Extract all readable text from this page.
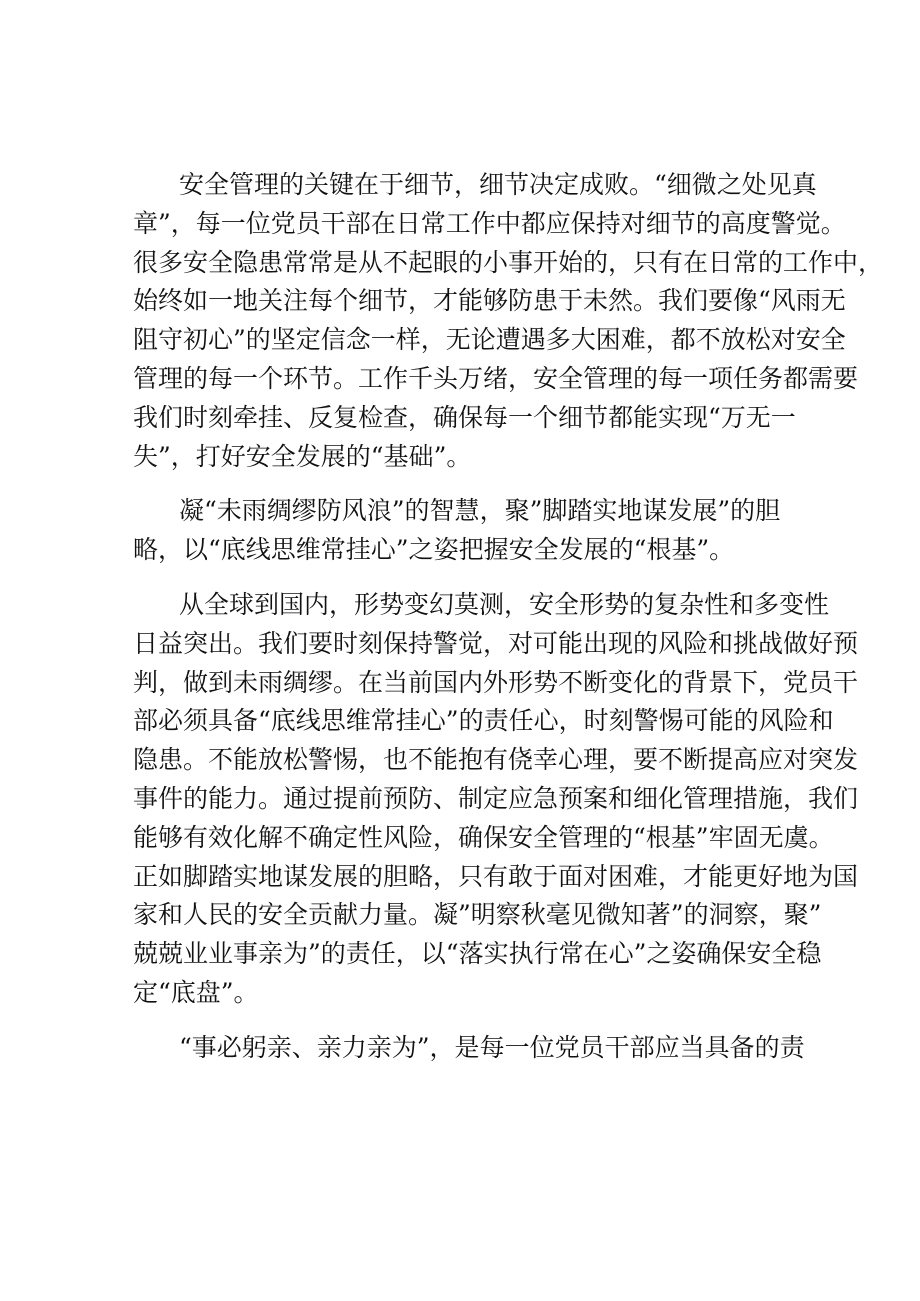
安全管理的关键在于细节，细节决定成败。“细微之处见真
章”，每一位党员干部在日常工作中都应保持对细节的高度警觉。
很多安全隐患常常是从不起眼的小事开始的，只有在日常的工作中，
始终如一地关注每个细节，才能够防患于未然。我们要像“风雨无
阻守初心”的坚定信念一样，无论遭遇多大困难，都不放松对安全
管理的每一个环节。工作千头万绪，安全管理的每一项任务都需要
我们时刻牵挂、反复检查，确保每一个细节都能实现“万无一
失”，打好安全发展的“基础”。
凝“未雨绸缪防风浪”的智慧，聚”脚踏实地谋发展”的胆
略，以“底线思维常挂心”之姿把握安全发展的“根基”。
从全球到国内，形势变幻莫测，安全形势的复杂性和多变性
日益突出。我们要时刻保持警觉，对可能出现的风险和挑战做好预
判，做到未雨绸缪。在当前国内外形势不断变化的背景下，党员干
部必须具备“底线思维常挂心”的责任心，时刻警惕可能的风险和
隐患。不能放松警惕，也不能抱有侥幸心理，要不断提高应对突发
事件的能力。通过提前预防、制定应急预案和细化管理措施，我们
能够有效化解不确定性风险，确保安全管理的“根基”牢固无虞。
正如脚踏实地谋发展的胆略，只有敢于面对困难，才能更好地为国
家和人民的安全贡献力量。凝”明察秋毫见微知著”的洞察，聚”
兢兢业业事亲为”的责任，以“落实执行常在心”之姿确保安全稳
定“底盘”。
“事必躬亲、亲力亲为”，是每一位党员干部应当具备的责
